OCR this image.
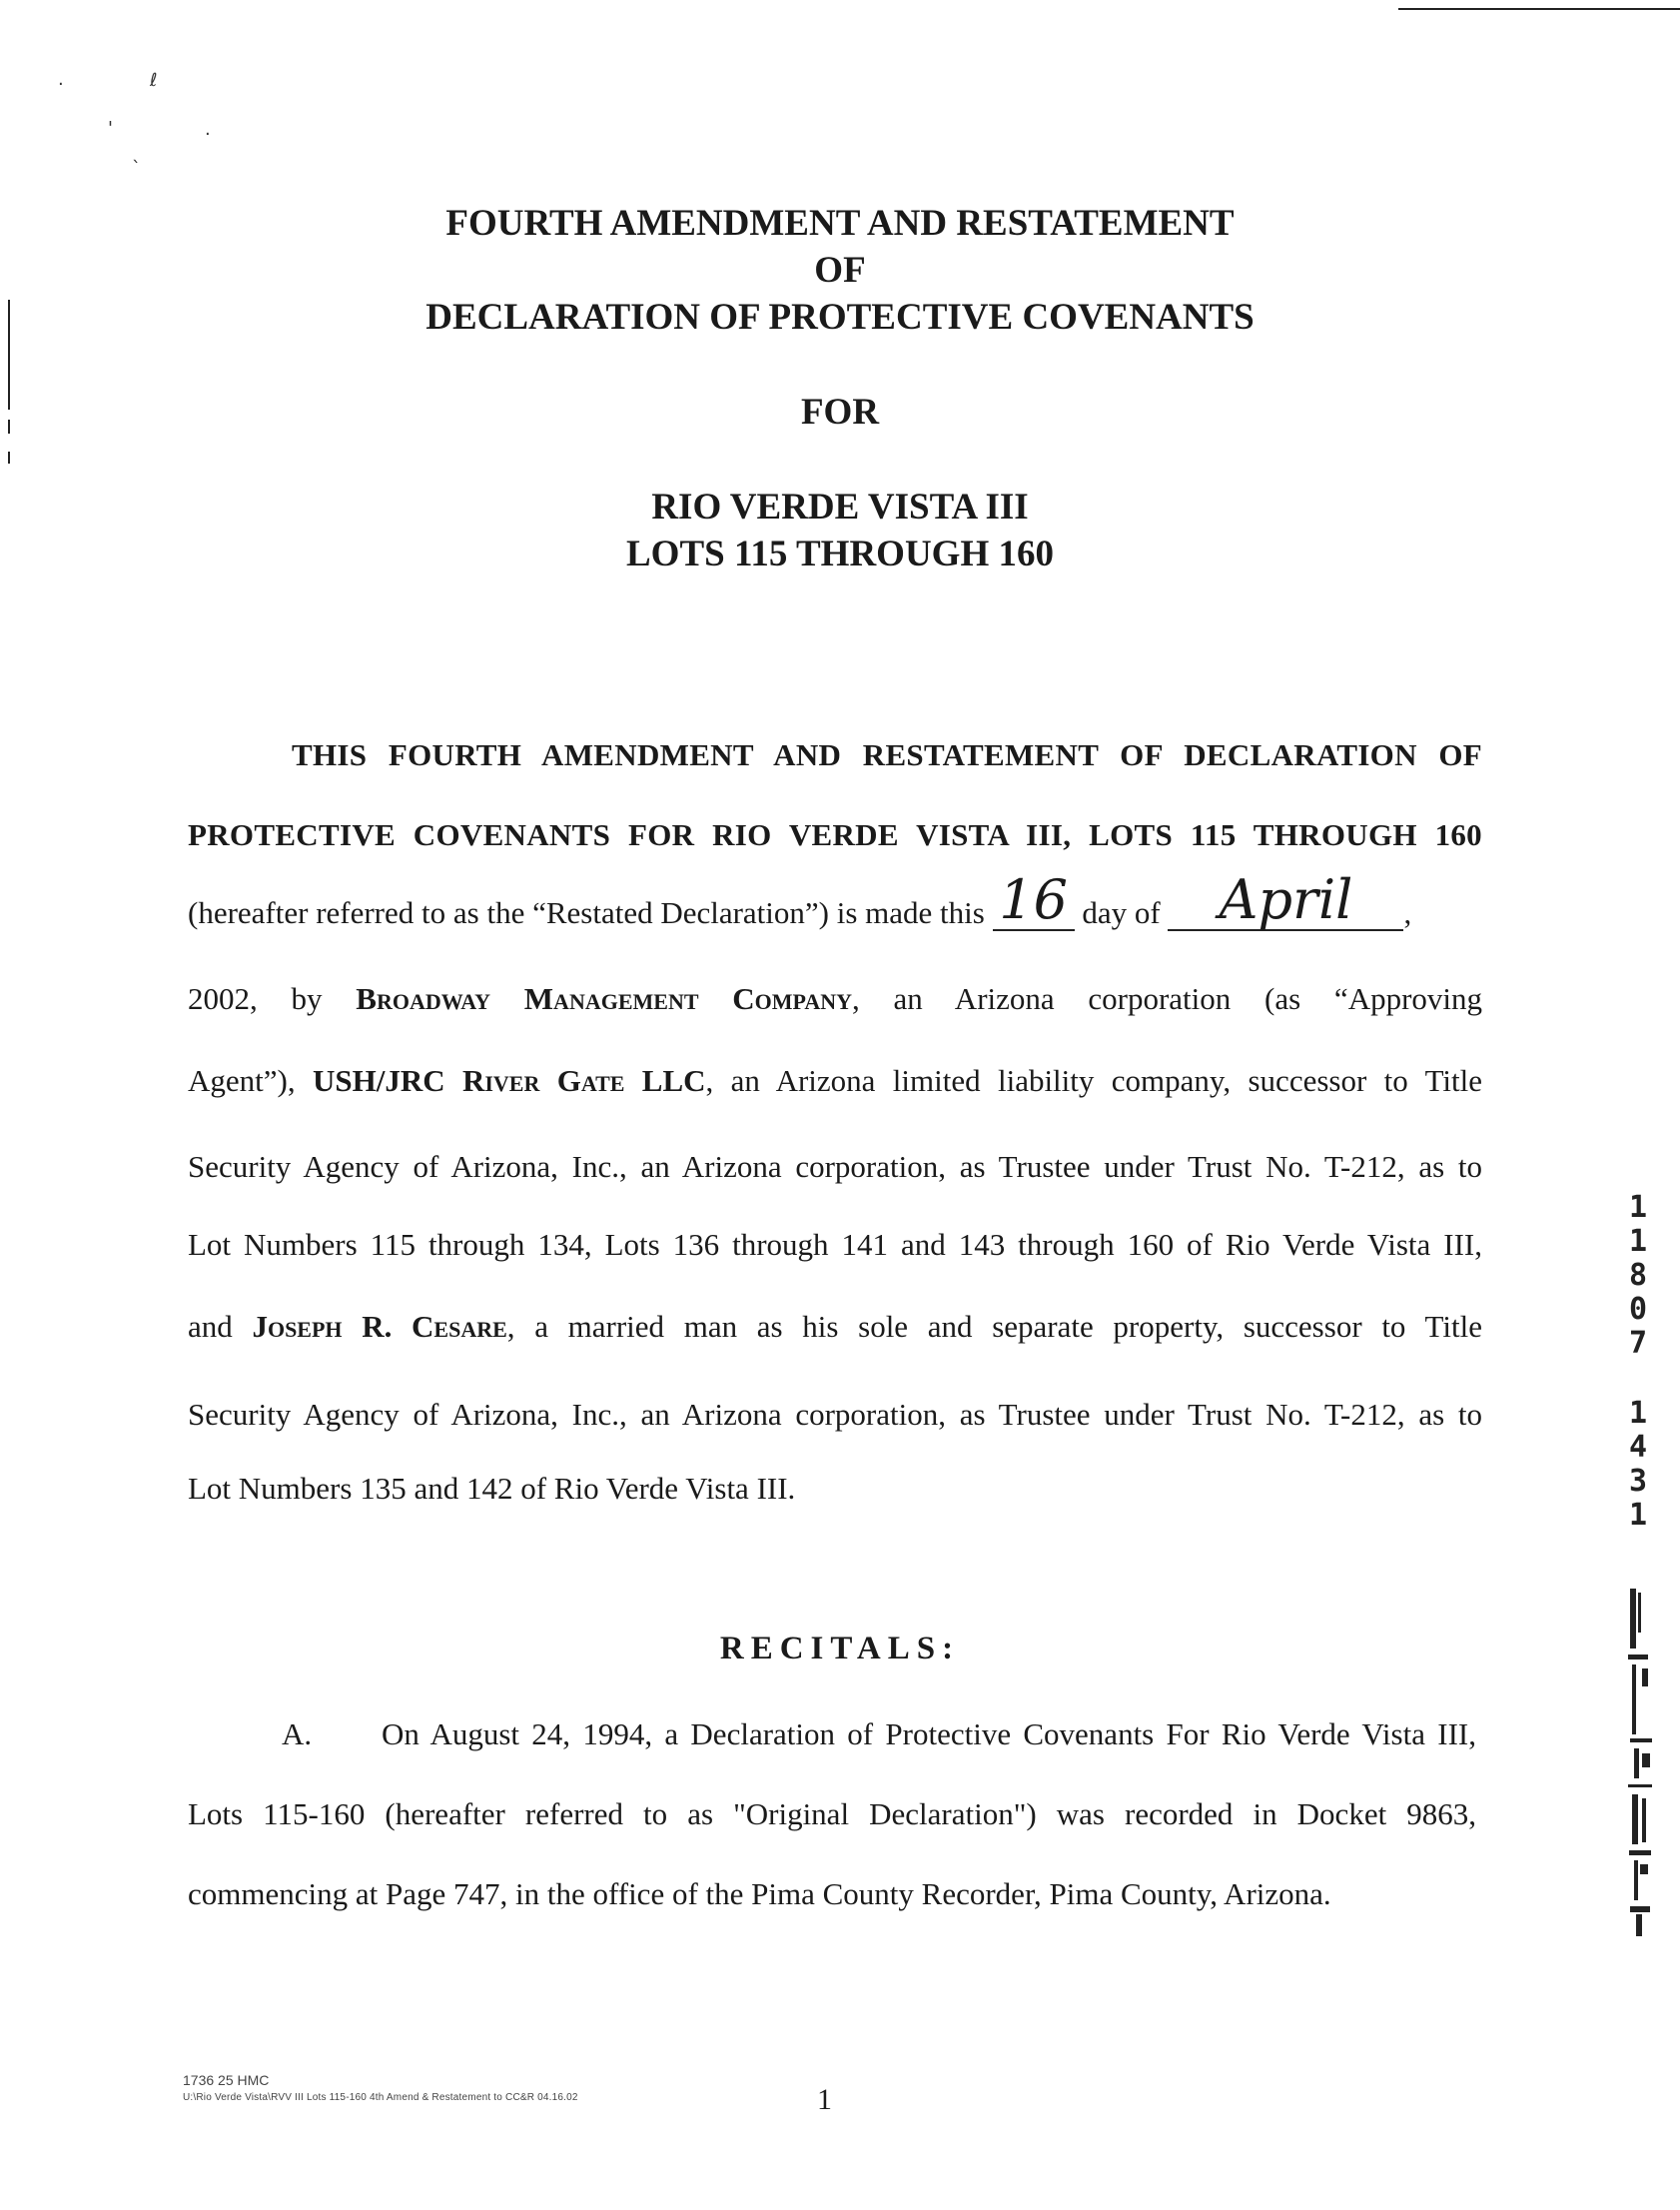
·	ℓ
'	·
`
FOURTH AMENDMENT AND RESTATEMENT
OF
DECLARATION OF PROTECTIVE COVENANTS
FOR
RIO VERDE VISTA III
LOTS 115 THROUGH 160
THIS FOURTH AMENDMENT AND RESTATEMENT OF DECLARATION OF
PROTECTIVE COVENANTS FOR RIO VERDE VISTA III, LOTS 115 THROUGH 160
(hereafter referred to as the “Restated Declaration”) is made this 16 day of	April	,
2002, by Broadway Management Company, an Arizona corporation (as “Approving
Agent”), USH/JRC River Gate LLC, an Arizona limited liability company, successor to Title
Security Agency of Arizona, Inc., an Arizona corporation, as Trustee under Trust No. T-212, as to
Lot Numbers 115 through 134, Lots 136 through 141 and 143 through 160 of Rio Verde Vista III,
and Joseph R. Cesare, a married man as his sole and separate property, successor to Title
Security Agency of Arizona, Inc., an Arizona corporation, as Trustee under Trust No. T-212, as to
Lot Numbers 135 and 142 of Rio Verde Vista III.
RECITALS:
A.	On August 24, 1994, a Declaration of Protective Covenants For Rio Verde Vista III,
Lots 115-160 (hereafter referred to as "Original Declaration") was recorded in Docket 9863,
commencing at Page 747, in the office of the Pima County Recorder, Pima County, Arizona.
1
1
8
0
7
1
4
3
1
1736 25 HMC
U:\Rio Verde Vista\RVV III Lots 115-160 4th Amend & Restatement to CC&R 04.16.02	1
